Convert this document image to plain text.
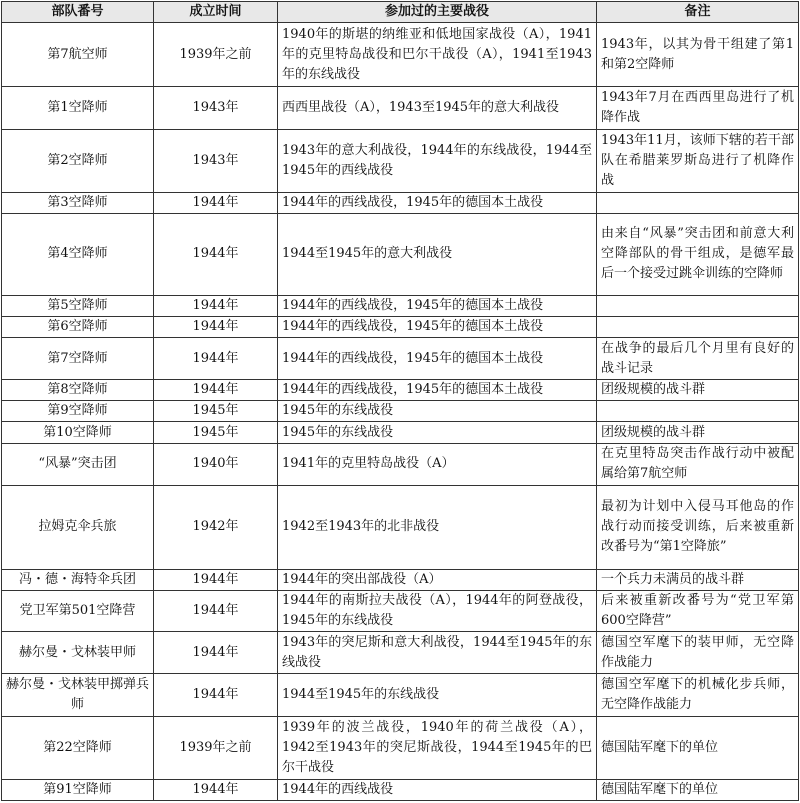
部队番号	成立时间	参加过的主要战役	备注
第7航空师	1939年之前	1940年的斯堪的纳维亚和低地国家战役（A），1941年的克里特岛战役和巴尔干战役（A），1941至1943年的东线战役	1943年，以其为骨干组建了第1和第2空降师
第1空降师	1943年	西西里战役（A），1943至1945年的意大利战役	1943年7月在西西里岛进行了机降作战
第2空降师	1943年	1943年的意大利战役，1944年的东线战役，1944至1945年的西线战役	1943年11月，该师下辖的若干部队在希腊莱罗斯岛进行了机降作战
第3空降师	1944年	1944年的西线战役，1945年的德国本土战役	
第4空降师	1944年	1944至1945年的意大利战役	由来自“风暴”突击团和前意大利空降部队的骨干组成，是德军最后一个接受过跳伞训练的空降师
第5空降师	1944年	1944年的西线战役，1945年的德国本土战役	
第6空降师	1944年	1944年的西线战役，1945年的德国本土战役	
第7空降师	1944年	1944年的西线战役，1945年的德国本土战役	在战争的最后几个月里有良好的战斗记录
第8空降师	1944年	1944年的西线战役，1945年的德国本土战役	团级规模的战斗群
第9空降师	1945年	1945年的东线战役	
第10空降师	1945年	1945年的东线战役	团级规模的战斗群
“风暴”突击团	1940年	1941年的克里特岛战役（A）	在克里特岛突击作战行动中被配属给第7航空师
拉姆克伞兵旅	1942年	1942至1943年的北非战役	最初为计划中入侵马耳他岛的作战行动而接受训练，后来被重新改番号为“第1空降旅”
冯・德・海特伞兵团	1944年	1944年的突出部战役（A）	一个兵力未满员的战斗群
党卫军第501空降营	1944年	1944年的南斯拉夫战役（A），1944年的阿登战役，1945年的东线战役	后来被重新改番号为“党卫军第600空降营”
赫尔曼・戈林装甲师	1944年	1943年的突尼斯和意大利战役，1944至1945年的东线战役	德国空军麾下的装甲师，无空降作战能力
赫尔曼・戈林装甲掷弹兵师	1944年	1944至1945年的东线战役	德国空军麾下的机械化步兵师，无空降作战能力
第22空降师	1939年之前	1939年的波兰战役，1940年的荷兰战役（A），1942至1943年的突尼斯战役，1944至1945年的巴尔干战役	德国陆军麾下的单位
第91空降师	1944年	1944年的西线战役	德国陆军麾下的单位
